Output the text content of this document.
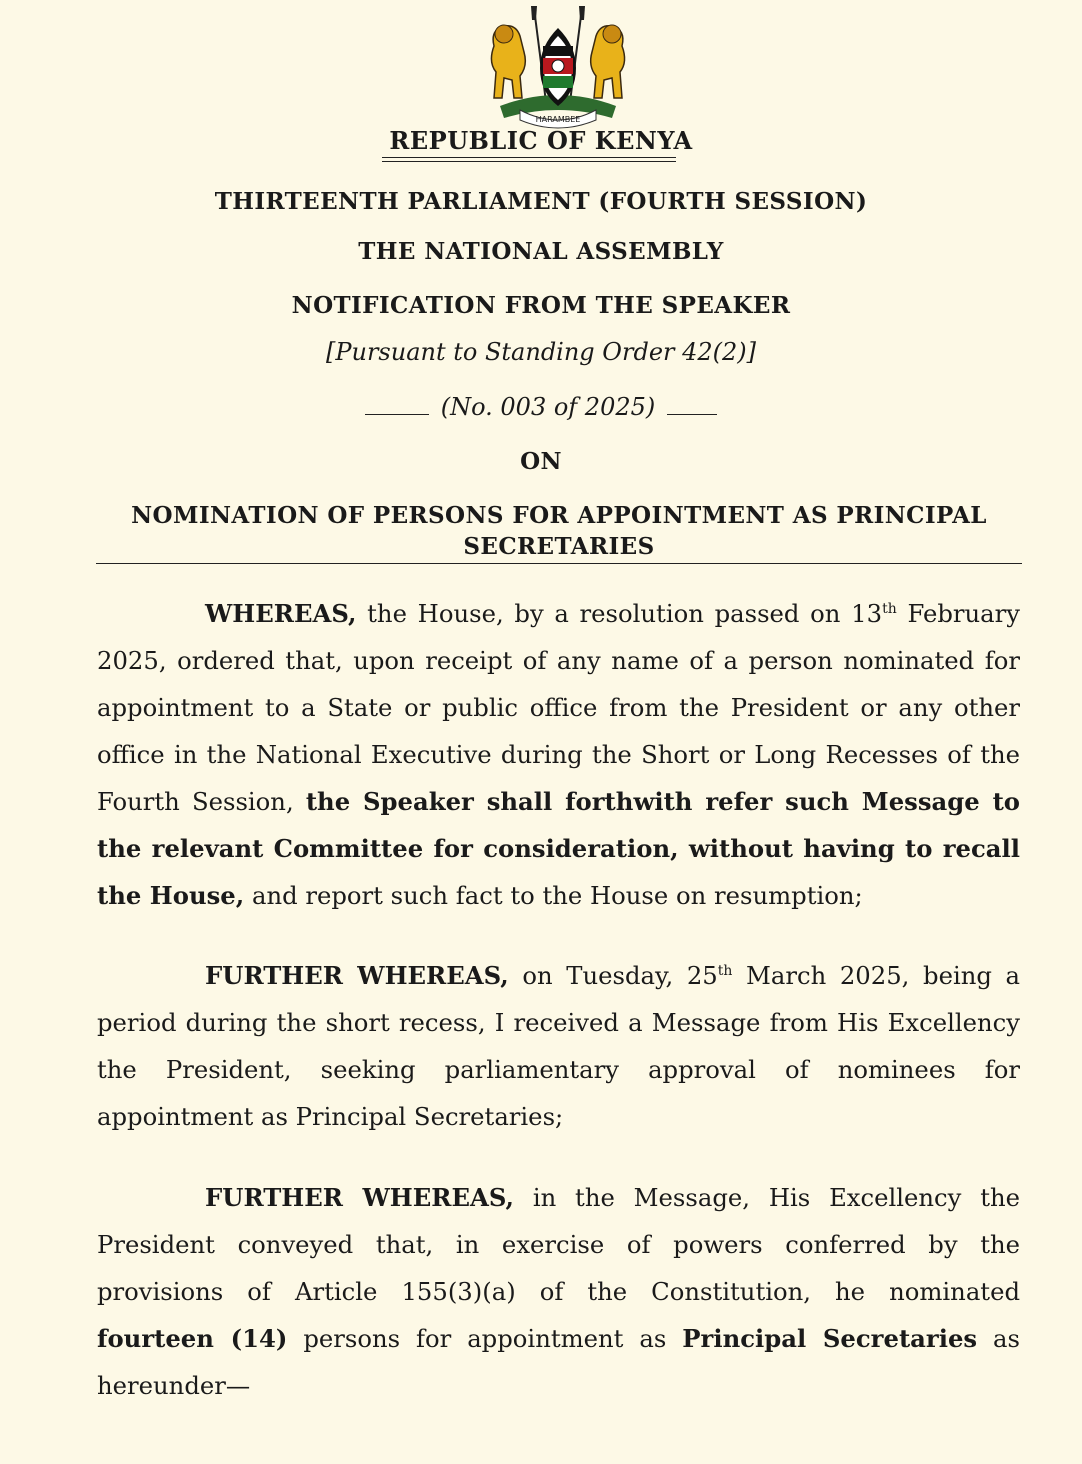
HARAMBEE
REPUBLIC OF KENYA
THIRTEENTH PARLIAMENT (FOURTH SESSION)
THE NATIONAL ASSEMBLY
NOTIFICATION FROM THE SPEAKER
[Pursuant to Standing Order 42(2)]
(No. 003 of 2025)
ON
NOMINATION OF PERSONS FOR APPOINTMENT AS PRINCIPAL
SECRETARIES
WHEREAS, the House, by a resolution passed on 13th February
2025, ordered that, upon receipt of any name of a person nominated for
appointment to a State or public office from the President or any other
office in the National Executive during the Short or Long Recesses of the
Fourth Session, the Speaker shall forthwith refer such Message to
the relevant Committee for consideration, without having to recall
the House, and report such fact to the House on resumption;
FURTHER WHEREAS, on Tuesday, 25th March 2025, being a
period during the short recess, I received a Message from His Excellency
the President, seeking parliamentary approval of nominees for
appointment as Principal Secretaries;
FURTHER WHEREAS, in the Message, His Excellency the
President conveyed that, in exercise of powers conferred by the
provisions of Article 155(3)(a) of the Constitution, he nominated
fourteen (14) persons for appointment as Principal Secretaries as
hereunder—
